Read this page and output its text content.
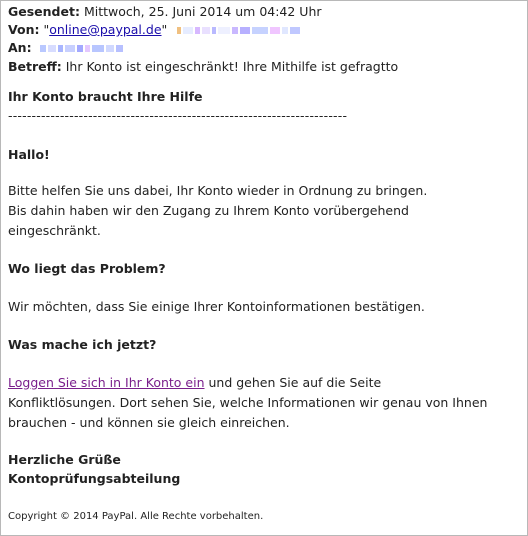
Gesendet: Mittwoch, 25. Juni 2014 um 04:42 Uhr
Von: "online@paypal.de"
An:
Betreff: Ihr Konto ist eingeschränkt! Ihre Mithilfe ist gefragtto
Ihr Konto braucht Ihre Hilfe
------------------------------------------------------------------------
Hallo!
Bitte helfen Sie uns dabei, Ihr Konto wieder in Ordnung zu bringen.
Bis dahin haben wir den Zugang zu Ihrem Konto vorübergehend
eingeschränkt.
Wo liegt das Problem?
Wir möchten, dass Sie einige Ihrer Kontoinformationen bestätigen.
Was mache ich jetzt?
Loggen Sie sich in Ihr Konto ein und gehen Sie auf die Seite
Konfliktlösungen. Dort sehen Sie, welche Informationen wir genau von Ihnen
brauchen - und können sie gleich einreichen.
Herzliche Grüße
Kontoprüfungsabteilung
Copyright © 2014 PayPal. Alle Rechte vorbehalten.
